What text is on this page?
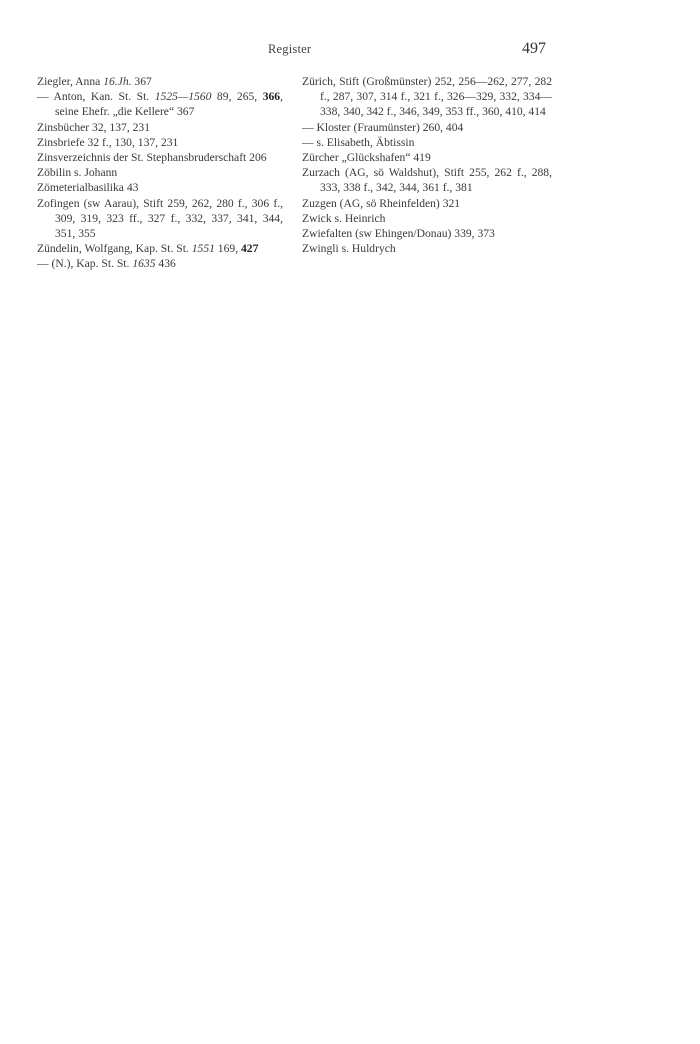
Register	497
Ziegler, Anna 16.Jh. 367
— Anton, Kan. St. St. 1525—1560 89, 265, 366, seine Ehefr. „die Kellere“ 367
Zinsbücher 32, 137, 231
Zinsbriefe 32 f., 130, 137, 231
Zinsverzeichnis der St. Stephansbruderschaft 206
Zöbilin s. Johann
Zömeterialbasilika 43
Zofingen (sw Aarau), Stift 259, 262, 280 f., 306 f., 309, 319, 323 ff., 327 f., 332, 337, 341, 344, 351, 355
Zündelin, Wolfgang, Kap. St. St. 1551 169, 427
— (N.), Kap. St. St. 1635 436
Zürich, Stift (Großmünster) 252, 256—262, 277, 282 f., 287, 307, 314 f., 321 f., 326—329, 332, 334—338, 340, 342 f., 346, 349, 353 ff., 360, 410, 414
— Kloster (Fraumünster) 260, 404
— s. Elisabeth, Äbtissin
Zürcher „Glückshafen“ 419
Zurzach (AG, sö Waldshut), Stift 255, 262 f., 288, 333, 338 f., 342, 344, 361 f., 381
Zuzgen (AG, sö Rheinfelden) 321
Zwick s. Heinrich
Zwiefalten (sw Ehingen/Donau) 339, 373
Zwingli s. Huldrych
